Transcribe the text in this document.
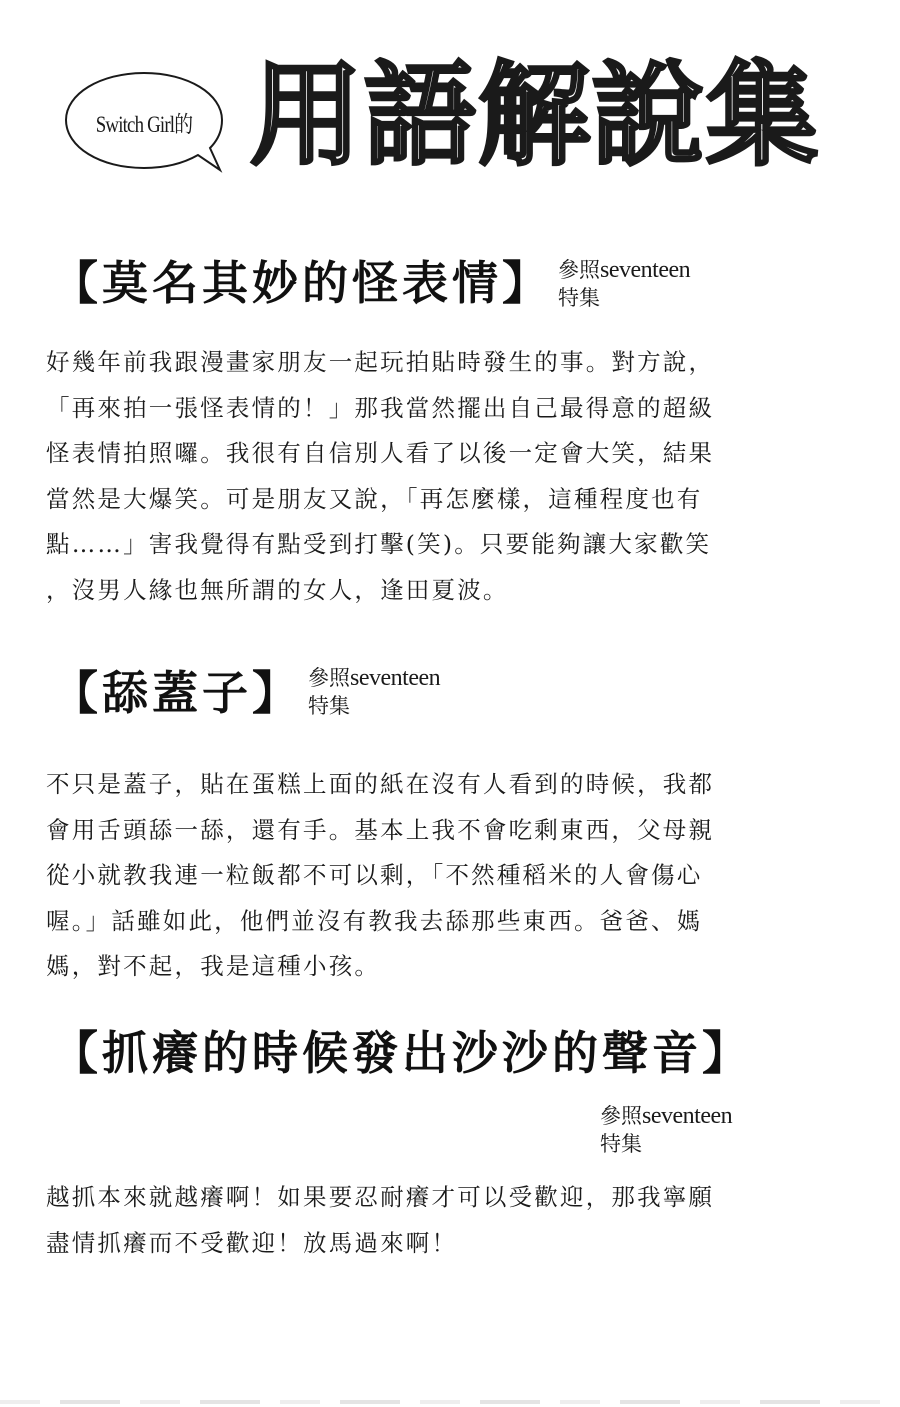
Switch Girl的 用 語 解 說 集
【莫名其妙的怪表情】 參照seventeen
特集
好幾年前我跟漫畫家朋友一起玩拍貼時發生的事。對方說，
「再來拍一張怪表情的！」那我當然擺出自己最得意的超級
怪表情拍照囉。我很有自信別人看了以後一定會大笑，結果
當然是大爆笑。可是朋友又說，「再怎麼樣，這種程度也有
點……」害我覺得有點受到打擊(笑)。只要能夠讓大家歡笑
，沒男人緣也無所謂的女人，逢田夏波。
【舔蓋子】 參照seventeen
特集
不只是蓋子，貼在蛋糕上面的紙在沒有人看到的時候，我都
會用舌頭舔一舔，還有手。基本上我不會吃剩東西，父母親
從小就教我連一粒飯都不可以剩，「不然種稻米的人會傷心
喔。」話雖如此，他們並沒有教我去舔那些東西。爸爸、媽
媽，對不起，我是這種小孩。
【抓癢的時候發出沙沙的聲音】
參照seventeen
特集
越抓本來就越癢啊！如果要忍耐癢才可以受歡迎，那我寧願
盡情抓癢而不受歡迎！放馬過來啊！
